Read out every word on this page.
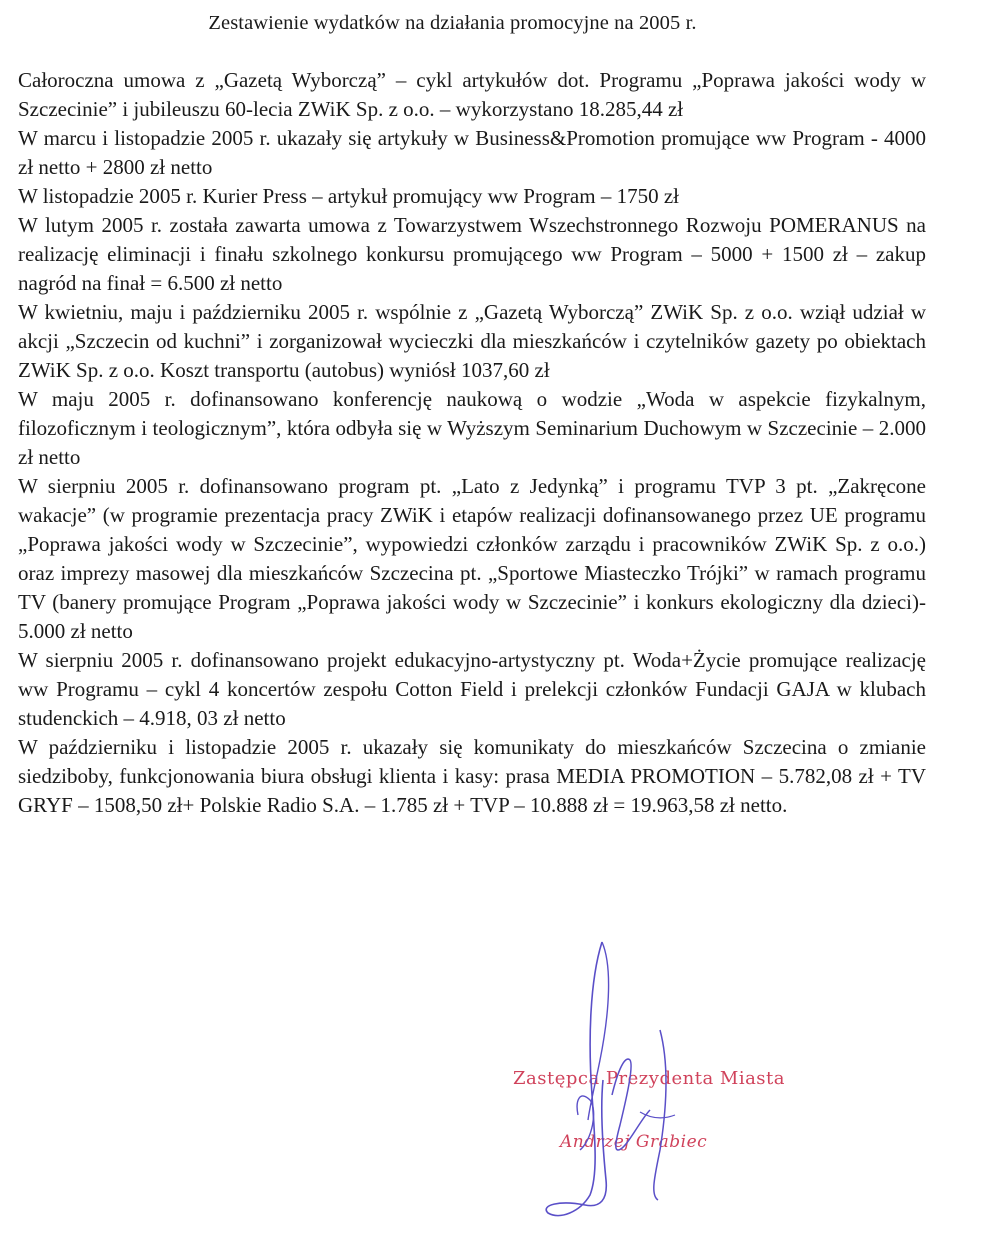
Zestawienie wydatków na działania promocyjne na 2005 r.

Całoroczna umowa z „Gazetą Wyborczą” – cykl artykułów dot. Programu „Poprawa jakości wody w Szczecinie” i jubileuszu 60-lecia ZWiK Sp. z o.o. – wykorzystano 18.285,44 zł

W marcu i listopadzie 2005 r. ukazały się artykuły w Business&Promotion promujące ww Program - 4000 zł netto + 2800 zł netto

W listopadzie 2005 r. Kurier Press – artykuł promujący ww Program – 1750 zł

W lutym 2005 r. została zawarta umowa z Towarzystwem Wszechstronnego Rozwoju POMERANUS na realizację eliminacji i finału szkolnego konkursu promującego ww Program – 5000 + 1500 zł – zakup nagród na finał = 6.500 zł netto

W kwietniu, maju i październiku 2005 r. wspólnie z „Gazetą Wyborczą” ZWiK Sp. z o.o. wziął udział w akcji „Szczecin od kuchni” i zorganizował wycieczki dla mieszkańców i czytelników gazety po obiektach ZWiK Sp. z o.o. Koszt transportu (autobus) wyniósł 1037,60 zł

W maju 2005 r. dofinansowano konferencję naukową o wodzie „Woda w aspekcie fizykalnym, filozoficznym i teologicznym”, która odbyła się w Wyższym Seminarium Duchowym w Szczecinie – 2.000 zł netto

W sierpniu 2005 r. dofinansowano program pt. „Lato z Jedynką” i programu TVP 3 pt. „Zakręcone wakacje” (w programie prezentacja pracy ZWiK i etapów realizacji dofinansowanego przez UE programu „Poprawa jakości wody w Szczecinie”, wypowiedzi członków zarządu i pracowników ZWiK Sp. z o.o.) oraz imprezy masowej dla mieszkańców Szczecina pt. „Sportowe Miasteczko Trójki” w ramach programu TV (banery promujące Program „Poprawa jakości wody w Szczecinie” i konkurs ekologiczny dla dzieci)- 5.000 zł netto

W sierpniu 2005 r. dofinansowano projekt edukacyjno-artystyczny pt. Woda+Życie promujące realizację ww Programu – cykl 4 koncertów zespołu Cotton Field i prelekcji członków Fundacji GAJA w klubach studenckich – 4.918, 03 zł netto

W październiku i listopadzie 2005 r. ukazały się komunikaty do mieszkańców Szczecina o zmianie siedziboby, funkcjonowania biura obsługi klienta i kasy: prasa MEDIA PROMOTION – 5.782,08 zł + TV GRYF – 1508,50 zł+ Polskie Radio S.A. – 1.785 zł + TVP – 10.888 zł = 19.963,58 zł netto.

Zastępca Prezydenta Miasta
Andrzej Grabiec
